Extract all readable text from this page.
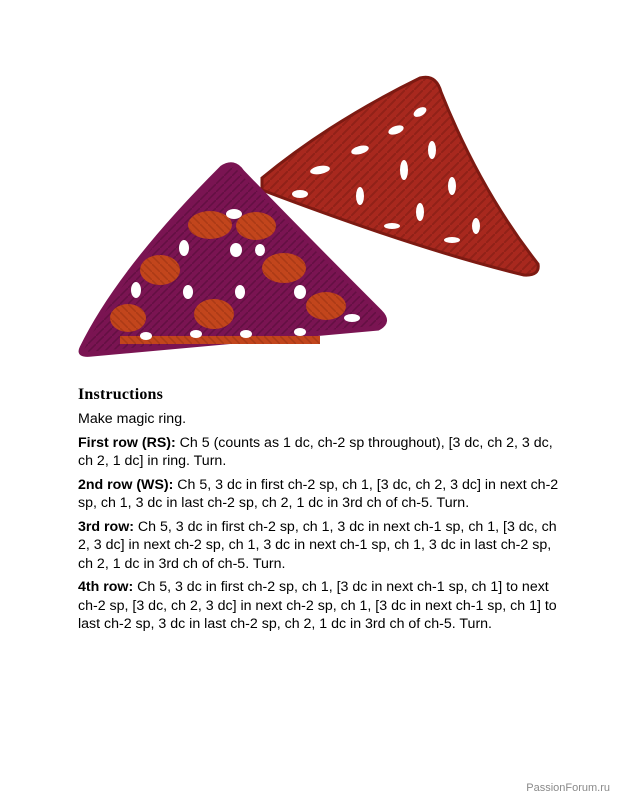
Instructions

Make magic ring.

First row (RS): Ch 5 (counts as 1 dc, ch-2 sp throughout), [3 dc, ch 2, 3 dc, ch 2, 1 dc] in ring. Turn.

2nd row (WS): Ch 5, 3 dc in first ch-2 sp, ch 1, [3 dc, ch 2, 3 dc] in next ch-2 sp, ch 1, 3 dc in last ch-2 sp, ch 2, 1 dc in 3rd ch of ch-5. Turn.

3rd row: Ch 5, 3 dc in first ch-2 sp, ch 1, 3 dc in next ch-1 sp, ch 1, [3 dc, ch 2, 3 dc] in next ch-2 sp, ch 1, 3 dc in next ch-1 sp, ch 1, 3 dc in last ch-2 sp, ch 2, 1 dc in 3rd ch of ch-5. Turn.

4th row: Ch 5, 3 dc in first ch-2 sp, ch 1, [3 dc in next ch-1 sp, ch 1] to next ch-2 sp, [3 dc, ch 2, 3 dc] in next ch-2 sp, ch 1, [3 dc in next ch-1 sp, ch 1] to last ch-2 sp, 3 dc in last ch-2 sp, ch 2, 1 dc in 3rd ch of ch-5. Turn.

PassionForum.ru
